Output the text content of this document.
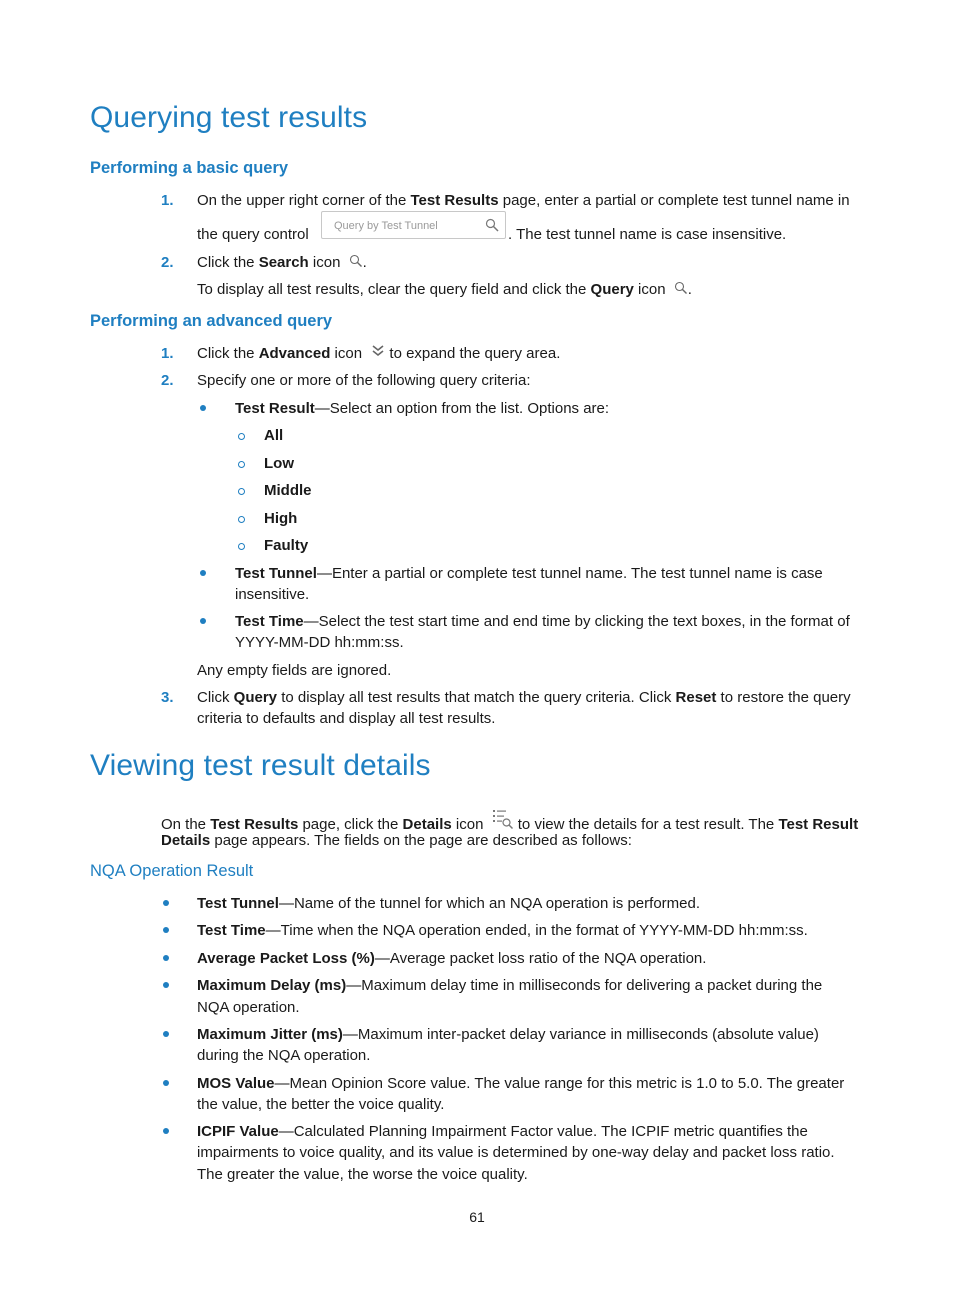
Querying test results
Performing a basic query
1. On the upper right corner of the Test Results page, enter a partial or complete test tunnel name in
the query control Query by Test Tunnel	. The test tunnel name is case insensitive.
2. Click the Search icon .
To display all test results, clear the query field and click the Query icon .
Performing an advanced query
1. Click the Advanced icon  to expand the query area.
2. Specify one or more of the following query criteria:
Test Result—Select an option from the list. Options are:
All
Low
Middle
High
Faulty
Test Tunnel—Enter a partial or complete test tunnel name. The test tunnel name is case
insensitive.
Test Time—Select the test start time and end time by clicking the text boxes, in the format of
YYYY-MM-DD hh:mm:ss.
Any empty fields are ignored.
3. Click Query to display all test results that match the query criteria. Click Reset to restore the query
criteria to defaults and display all test results.
Viewing test result details
On the Test Results page, click the Details icon  to view the details for a test result. The Test Result
Details page appears. The fields on the page are described as follows:
NQA Operation Result
Test Tunnel—Name of the tunnel for which an NQA operation is performed.
Test Time—Time when the NQA operation ended, in the format of YYYY-MM-DD hh:mm:ss.
Average Packet Loss (%)—Average packet loss ratio of the NQA operation.
Maximum Delay (ms)—Maximum delay time in milliseconds for delivering a packet during the
NQA operation.
Maximum Jitter (ms)—Maximum inter-packet delay variance in milliseconds (absolute value)
during the NQA operation.
MOS Value—Mean Opinion Score value. The value range for this metric is 1.0 to 5.0. The greater
the value, the better the voice quality.
ICPIF Value—Calculated Planning Impairment Factor value. The ICPIF metric quantifies the
impairments to voice quality, and its value is determined by one-way delay and packet loss ratio.
The greater the value, the worse the voice quality.
61
